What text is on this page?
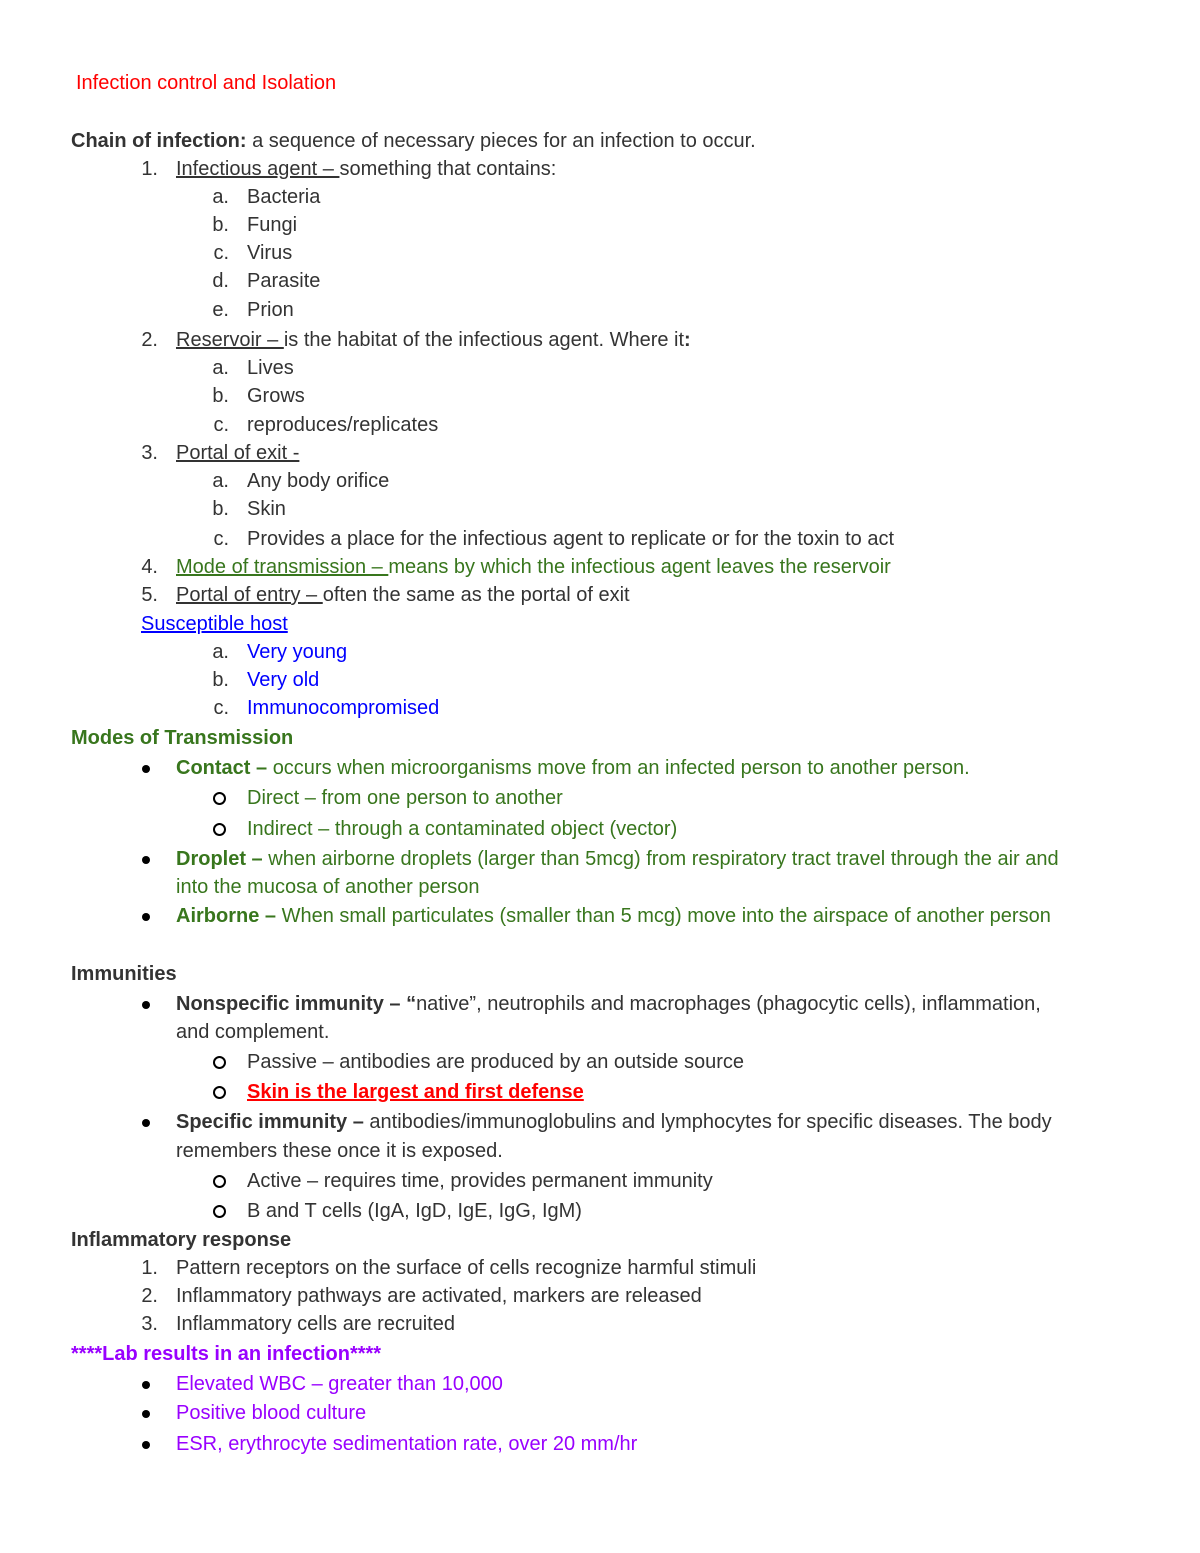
Infection control and Isolation
Chain of infection: a sequence of necessary pieces for an infection to occur.
1. Infectious agent – something that contains:
a. Bacteria
b. Fungi
c. Virus
d. Parasite
e. Prion
2. Reservoir – is the habitat of the infectious agent. Where it:
a. Lives
b. Grows
c. reproduces/replicates
3. Portal of exit -
a. Any body orifice
b. Skin
c. Provides a place for the infectious agent to replicate or for the toxin to act
4. Mode of transmission – means by which the infectious agent leaves the reservoir
5. Portal of entry – often the same as the portal of exit
Susceptible host
a. Very young
b. Very old
c. Immunocompromised
Modes of Transmission
Contact – occurs when microorganisms move from an infected person to another person.
Direct – from one person to another
Indirect – through a contaminated object (vector)
Droplet – when airborne droplets (larger than 5mcg) from respiratory tract travel through the air and
into the mucosa of another person
Airborne – When small particulates (smaller than 5 mcg) move into the airspace of another person
Immunities
Nonspecific immunity – “native”, neutrophils and macrophages (phagocytic cells), inflammation,
and complement.
Passive – antibodies are produced by an outside source
Skin is the largest and first defense
Specific immunity – antibodies/immunoglobulins and lymphocytes for specific diseases. The body
remembers these once it is exposed.
Active – requires time, provides permanent immunity
B and T cells (IgA, IgD, IgE, IgG, IgM)
Inflammatory response
1. Pattern receptors on the surface of cells recognize harmful stimuli
2. Inflammatory pathways are activated, markers are released
3. Inflammatory cells are recruited
****Lab results in an infection****
Elevated WBC – greater than 10,000
Positive blood culture
ESR, erythrocyte sedimentation rate, over 20 mm/hr
